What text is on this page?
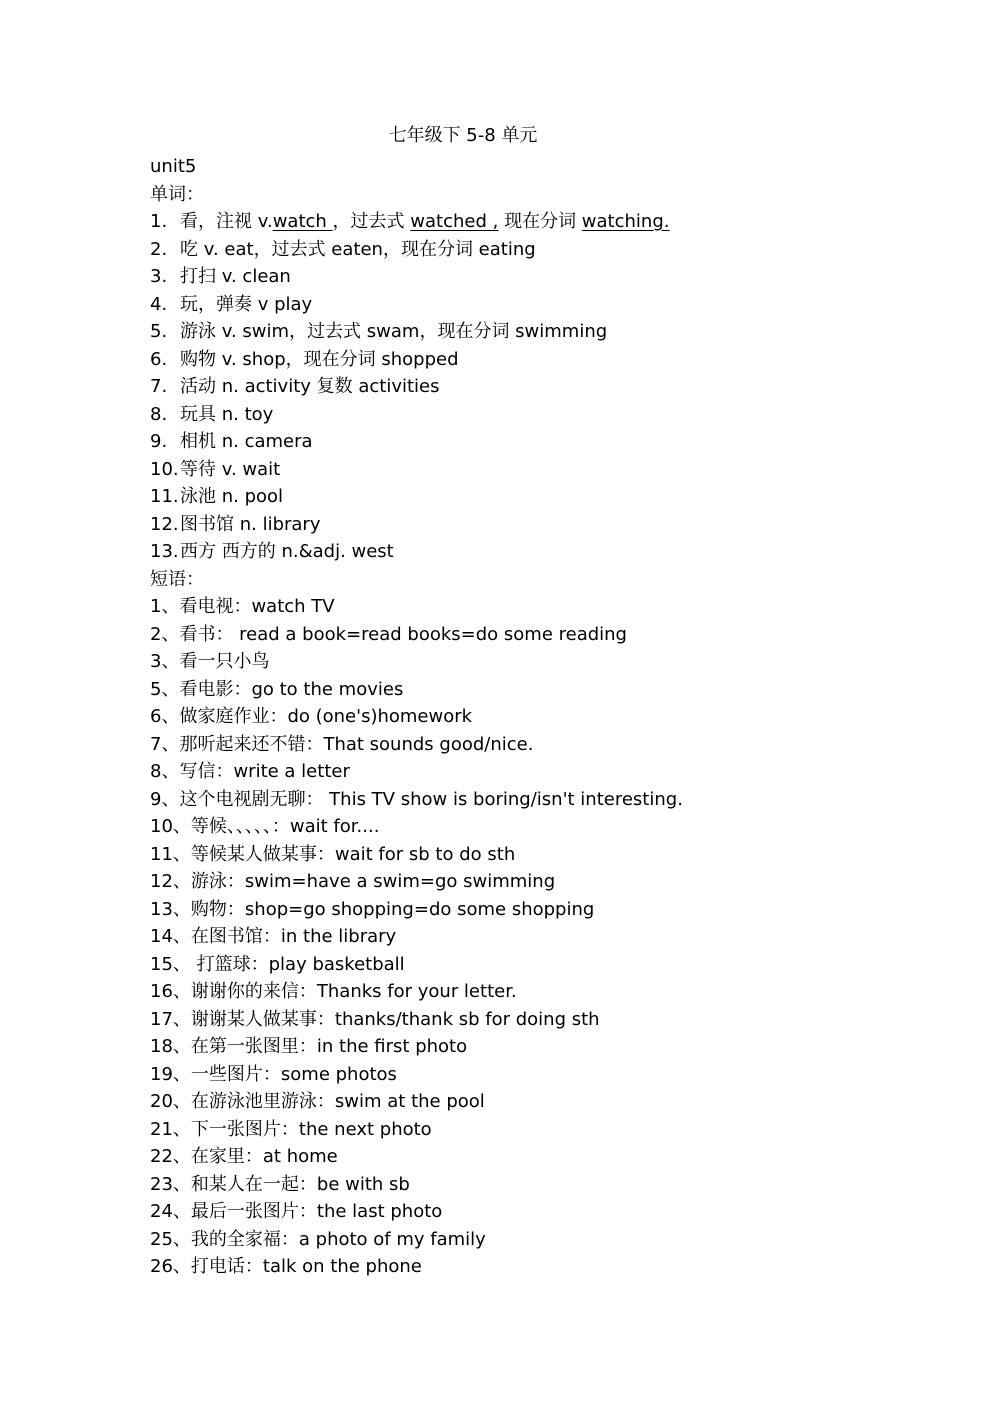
七年级下 5-8 单元
unit5
单词：
1. 看，注视 v.watch ，过去式 watched , 现在分词 watching.
2. 吃 v. eat，过去式 eaten，现在分词 eating
3. 打扫 v. clean
4. 玩，弹奏 v play
5. 游泳 v. swim，过去式 swam，现在分词 swimming
6. 购物 v. shop，现在分词 shopped
7. 活动 n. activity 复数 activities
8. 玩具 n. toy
9. 相机 n. camera
10.等待 v. wait
11.泳池 n. pool
12.图书馆 n. library
13.西方 西方的 n.&adj. west
短语：
1、看电视：watch TV
2、看书： read a book=read books=do some reading
3、看一只小鸟
5、看电影：go to the movies
6、做家庭作业：do (one's)homework
7、那听起来还不错：That sounds good/nice.
8、写信：write a letter
9、这个电视剧无聊： This TV show is boring/isn't interesting.
10、等候、、、、、：wait for....
11、等候某人做某事：wait for sb to do sth
12、游泳：swim=have a swim=go swimming
13、购物：shop=go shopping=do some shopping
14、在图书馆：in the library
15、 打篮球：play basketball
16、谢谢你的来信：Thanks for your letter.
17、谢谢某人做某事：thanks/thank sb for doing sth
18、在第一张图里：in the first photo
19、一些图片：some photos
20、在游泳池里游泳：swim at the pool
21、下一张图片：the next photo
22、在家里：at home
23、和某人在一起：be with sb
24、最后一张图片：the last photo
25、我的全家福：a photo of my family
26、打电话：talk on the phone
